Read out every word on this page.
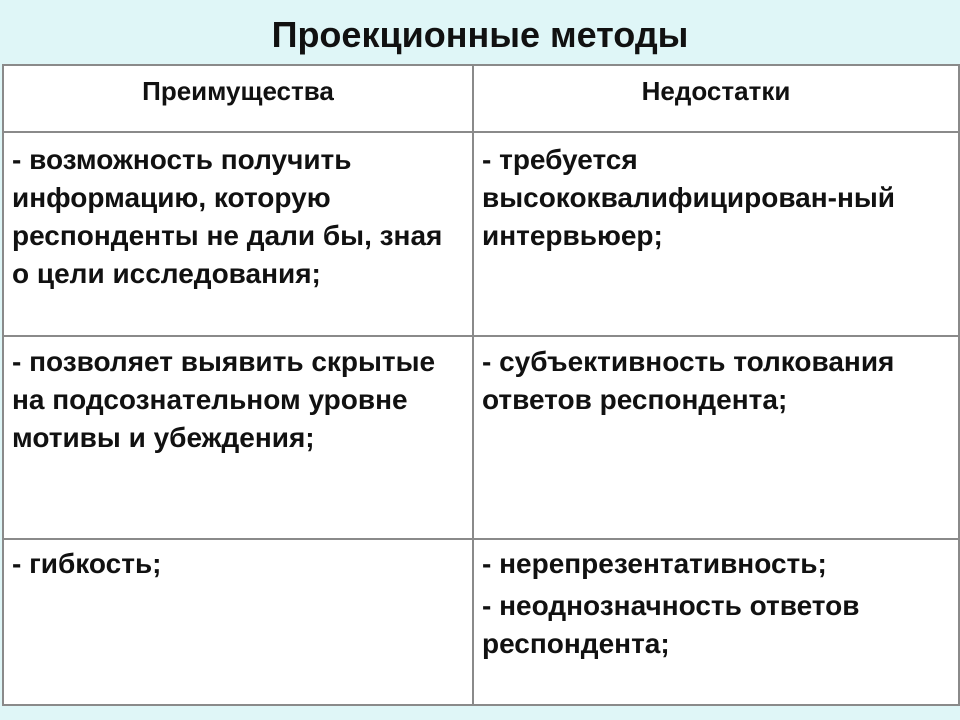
Проекционные методы
Преимущества	Недостатки
- возможность получить информацию, которую респонденты не дали бы, зная о цели исследования;
- требуется высококвалифицирован-ный интервьюер;
- позволяет выявить скрытые на подсознательном уровне мотивы и убеждения;
- субъективность толкования ответов респондента;
- гибкость;	- нерепрезентативность;
- неоднозначность ответов респондента;
